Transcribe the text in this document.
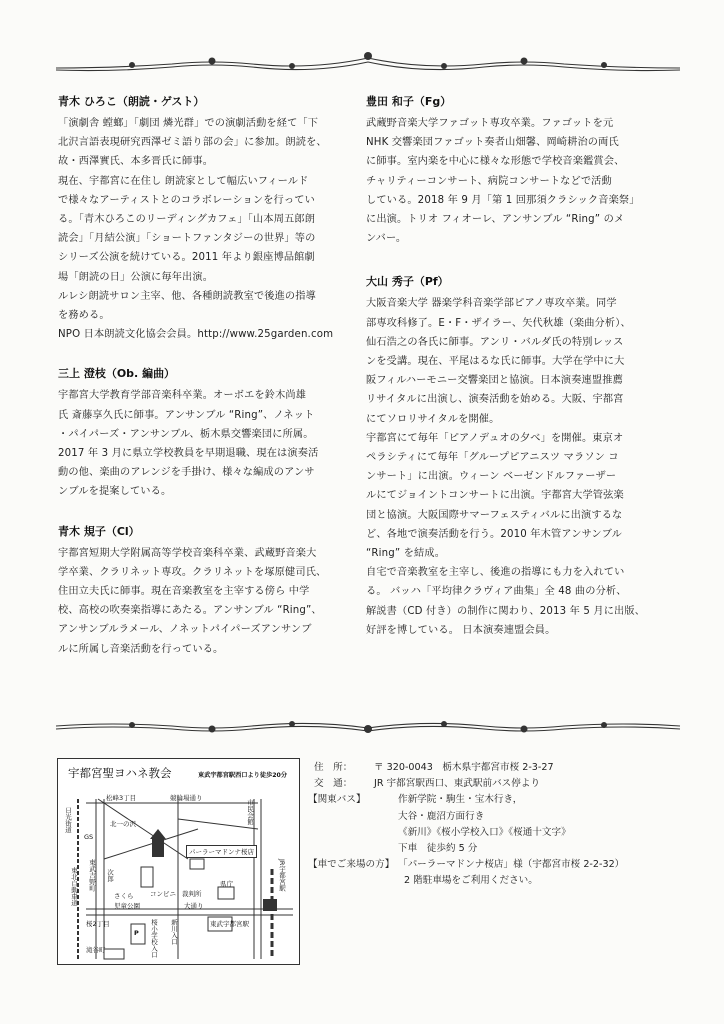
青木 ひろこ（朗読・ゲスト）

「演劇舎 螳螂」「劇団 燐光群」での演劇活動を経て「下
北沢言語表現研究西澤ゼミ語り部の会」に参加。朗読を、
故・西澤實氏、本多晋氏に師事。
現在、宇都宮に在住し 朗読家として幅広いフィールド
で様々なアーティストとのコラボレーションを行ってい
る。「青木ひろこのリーディングカフェ」「山本周五郎朗
読会」「月結公演」「ショートファンタジーの世界」等の
シリーズ公演を続けている。2011 年より銀座博品館劇
場「朗読の日」公演に毎年出演。
ルレシ朗読サロン主宰、他、各種朗読教室で後進の指導
を務める。
NPO 日本朗読文化協会会員。http://www.25garden.com

三上 澄枝（Ob. 編曲）

宇都宮大学教育学部音楽科卒業。オーボエを鈴木尚雄
氏 斎藤享久氏に師事。アンサンブル “Ring”、ノネット
・パイパーズ・アンサンブル、栃木県交響楽団に所属。
2017 年 3 月に県立学校教員を早期退職、現在は演奏活
動の他、楽曲のアレンジを手掛け、様々な編成のアンサ
ンブルを提案している。

青木 規子（Cl）

宇都宮短期大学附属高等学校音楽科卒業、武蔵野音楽大
学卒業、クラリネット専攻。クラリネットを塚原健司氏、
住田立夫氏に師事。現在音楽教室を主宰する傍ら 中学
校、高校の吹奏楽指導にあたる。アンサンブル “Ring”、
アンサンブルラメール、ノネットパイパーズアンサンブ
ルに所属し音楽活動を行っている。

豊田 和子（Fg）

武蔵野音楽大学ファゴット専攻卒業。ファゴットを元
NHK 交響楽団ファゴット奏者山畑馨、岡崎耕治の両氏
に師事。室内楽を中心に様々な形態で学校音楽鑑賞会、
チャリティーコンサート、病院コンサートなどで活動
している。2018 年 9 月「第 1 回那須クラシック音楽祭」
に出演。トリオ フィオーレ、アンサンブル “Ring” のメ
ンバー。

大山 秀子（Pf）

大阪音楽大学 器楽学科音楽学部ピアノ専攻卒業。同学
部専攻科修了。E・F・ザイラー、矢代秋雄（楽曲分析）、
仙石浩之の各氏に師事。アンリ・バルダ氏の特別レッス
ンを受講。現在、平尾はるな氏に師事。大学在学中に大
阪フィルハーモニー交響楽団と協演。日本演奏連盟推薦
リサイタルに出演し、演奏活動を始める。大阪、宇都宮
にてソロリサイタルを開催。
宇都宮にて毎年「ピアノデュオの夕べ」を開催。東京オ
ペラシティにて毎年「グループピアニスツ マラソン コ
ンサート」に出演。ウィーン ベーゼンドルファーザー
ルにてジョイントコンサートに出演。宇都宮大学管弦楽
団と協演。大阪国際サマーフェスティバルに出演するな
ど、各地で演奏活動を行う。2010 年木管アンサンブル
“Ring” を結成。
自宅で音楽教室を主宰し、後進の指導にも力を入れてい
る。 バッハ「平均律クラヴィア曲集」全 48 曲の分析、
解説書（CD 付き）の制作に関わり、2013 年 5 月に出版、
好評を博している。 日本演奏連盟会員。

宇都宮聖ヨハネ教会	東武宇都宮駅西口より徒歩20分
松峰3丁目	競輪場通り
日光街道	市民会館
パーラーマドンナ桜店
GS
北一の沢
東武吉野町 次郎
さくら
児童公園
コンビニ 裁判所
県庁	JR宇都宮駅
桜2丁目	東武宇都宮駅
滝谷町
東北自動車道
桜小学校入口 新川入口
大通り
P
住　所： 〒 320-0043　栃木県宇都宮市桜 2-3-27
交　通： JR 宇都宮駅西口、東武駅前バス停より
【関東バス】	作新学院・駒生・宝木行き，
大谷・鹿沼方面行き
《新川》《桜小学校入口》《桜通十文字》
下車　徒歩約 5 分
【車でご来場の方】 「パーラーマドンナ桜店」様（宇都宮市桜 2-2-32）
2 階駐車場をご利用ください。
